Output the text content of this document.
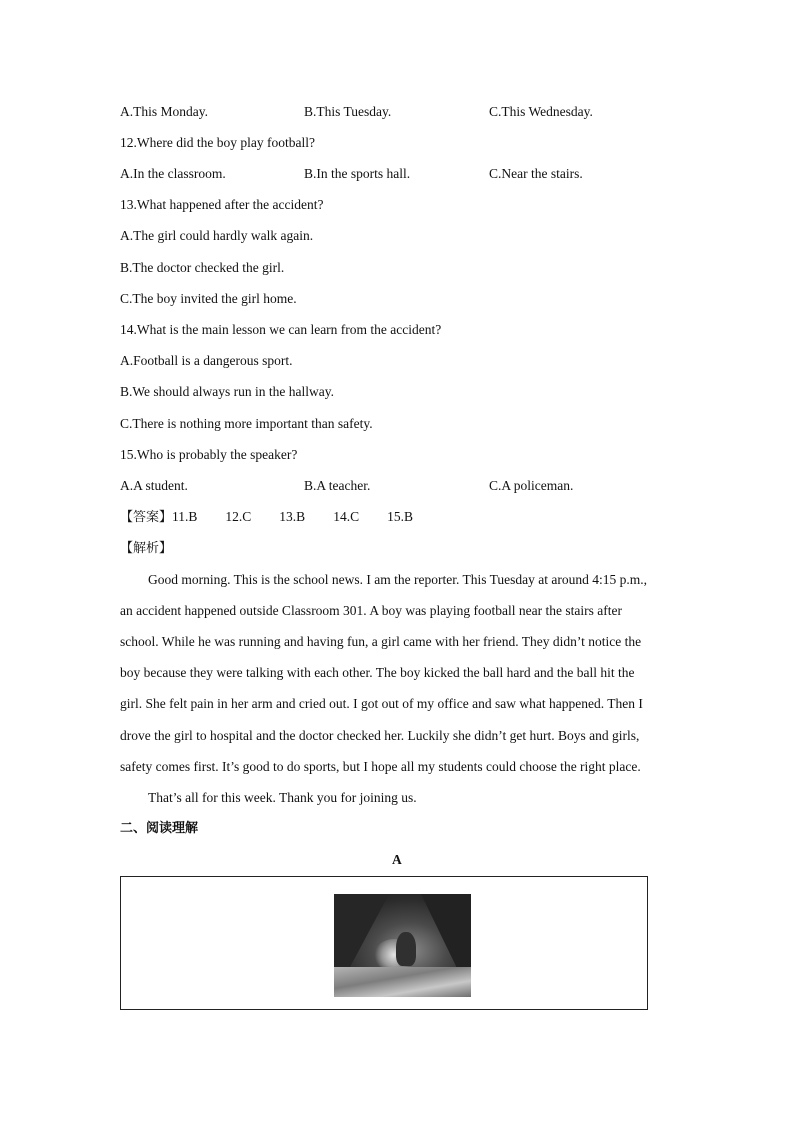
A.This Monday.	B.This Tuesday.	C.This Wednesday.
12.Where did the boy play football?
A.In the classroom.	B.In the sports hall.	C.Near the stairs.
13.What happened after the accident?
A.The girl could hardly walk again.
B.The doctor checked the girl.
C.The boy invited the girl home.
14.What is the main lesson we can learn from the accident?
A.Football is a dangerous sport.
B.We should always run in the hallway.
C.There is nothing more important than safety.
15.Who is probably the speaker?
A.A student.	B.A teacher.	C.A policeman.
【答案】11.B 12.C 13.B 14.C 15.B
【解析】
Good morning. This is the school news. I am the reporter. This Tuesday at around 4:15 p.m.,
an accident happened outside Classroom 301. A boy was playing football near the stairs after
school. While he was running and having fun, a girl came with her friend. They didn’t notice the
boy because they were talking with each other. The boy kicked the ball hard and the ball hit the
girl. She felt pain in her arm and cried out. I got out of my office and saw what happened. Then I
drove the girl to hospital and the doctor checked her. Luckily she didn’t get hurt. Boys and girls,
safety comes first. It’s good to do sports, but I hope all my students could choose the right place.
That’s all for this week. Thank you for joining us.
二、阅读理解
A
